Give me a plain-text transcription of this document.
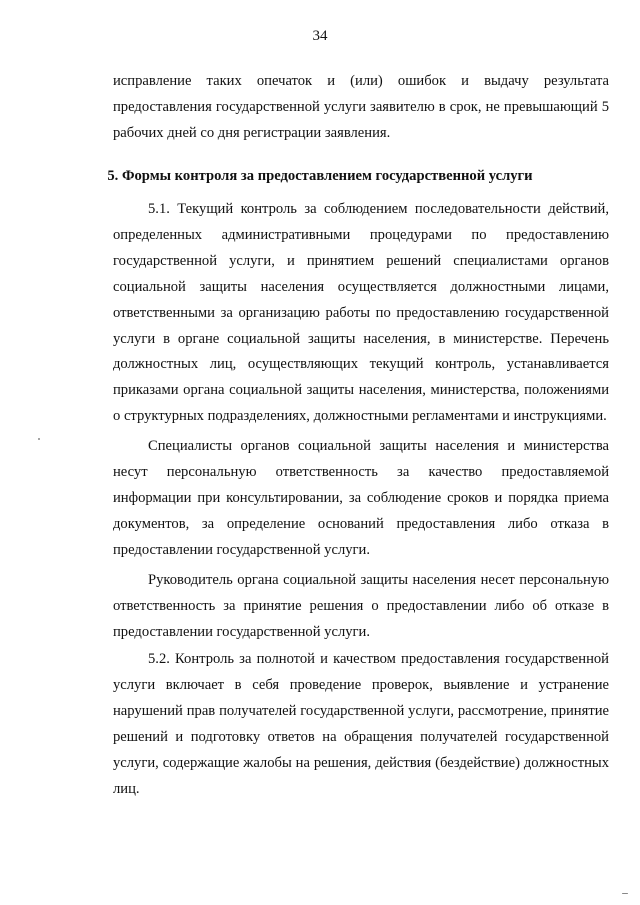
34

исправление таких опечаток и (или) ошибок и выдачу результата предоставления государственной услуги заявителю в срок, не превышающий 5 рабочих дней со дня регистрации заявления.

5. Формы контроля за предоставлением государственной услуги

5.1. Текущий контроль за соблюдением последовательности действий, определенных административными процедурами по предоставлению государственной услуги, и принятием решений специалистами органов социальной защиты населения осуществляется должностными лицами, ответственными за организацию работы по предоставлению государственной услуги в органе социальной защиты населения, в министерстве. Перечень должностных лиц, осуществляющих текущий контроль, устанавливается приказами органа социальной защиты населения, министерства, положениями о структурных подразделениях, должностными регламентами и инструкциями.

Специалисты органов социальной защиты населения и министерства несут персональную ответственность за качество предоставляемой информации при консультировании, за соблюдение сроков и порядка приема документов, за определение оснований предоставления либо отказа в предоставлении государственной услуги.

Руководитель органа социальной защиты населения несет персональную ответственность за принятие решения о предоставлении либо об отказе в предоставлении государственной услуги.

5.2. Контроль за полнотой и качеством предоставления государственной услуги включает в себя проведение проверок, выявление и устранение нарушений прав получателей государственной услуги, рассмотрение, принятие решений и подготовку ответов на обращения получателей государственной услуги, содержащие жалобы на решения, действия (бездействие) должностных лиц.
